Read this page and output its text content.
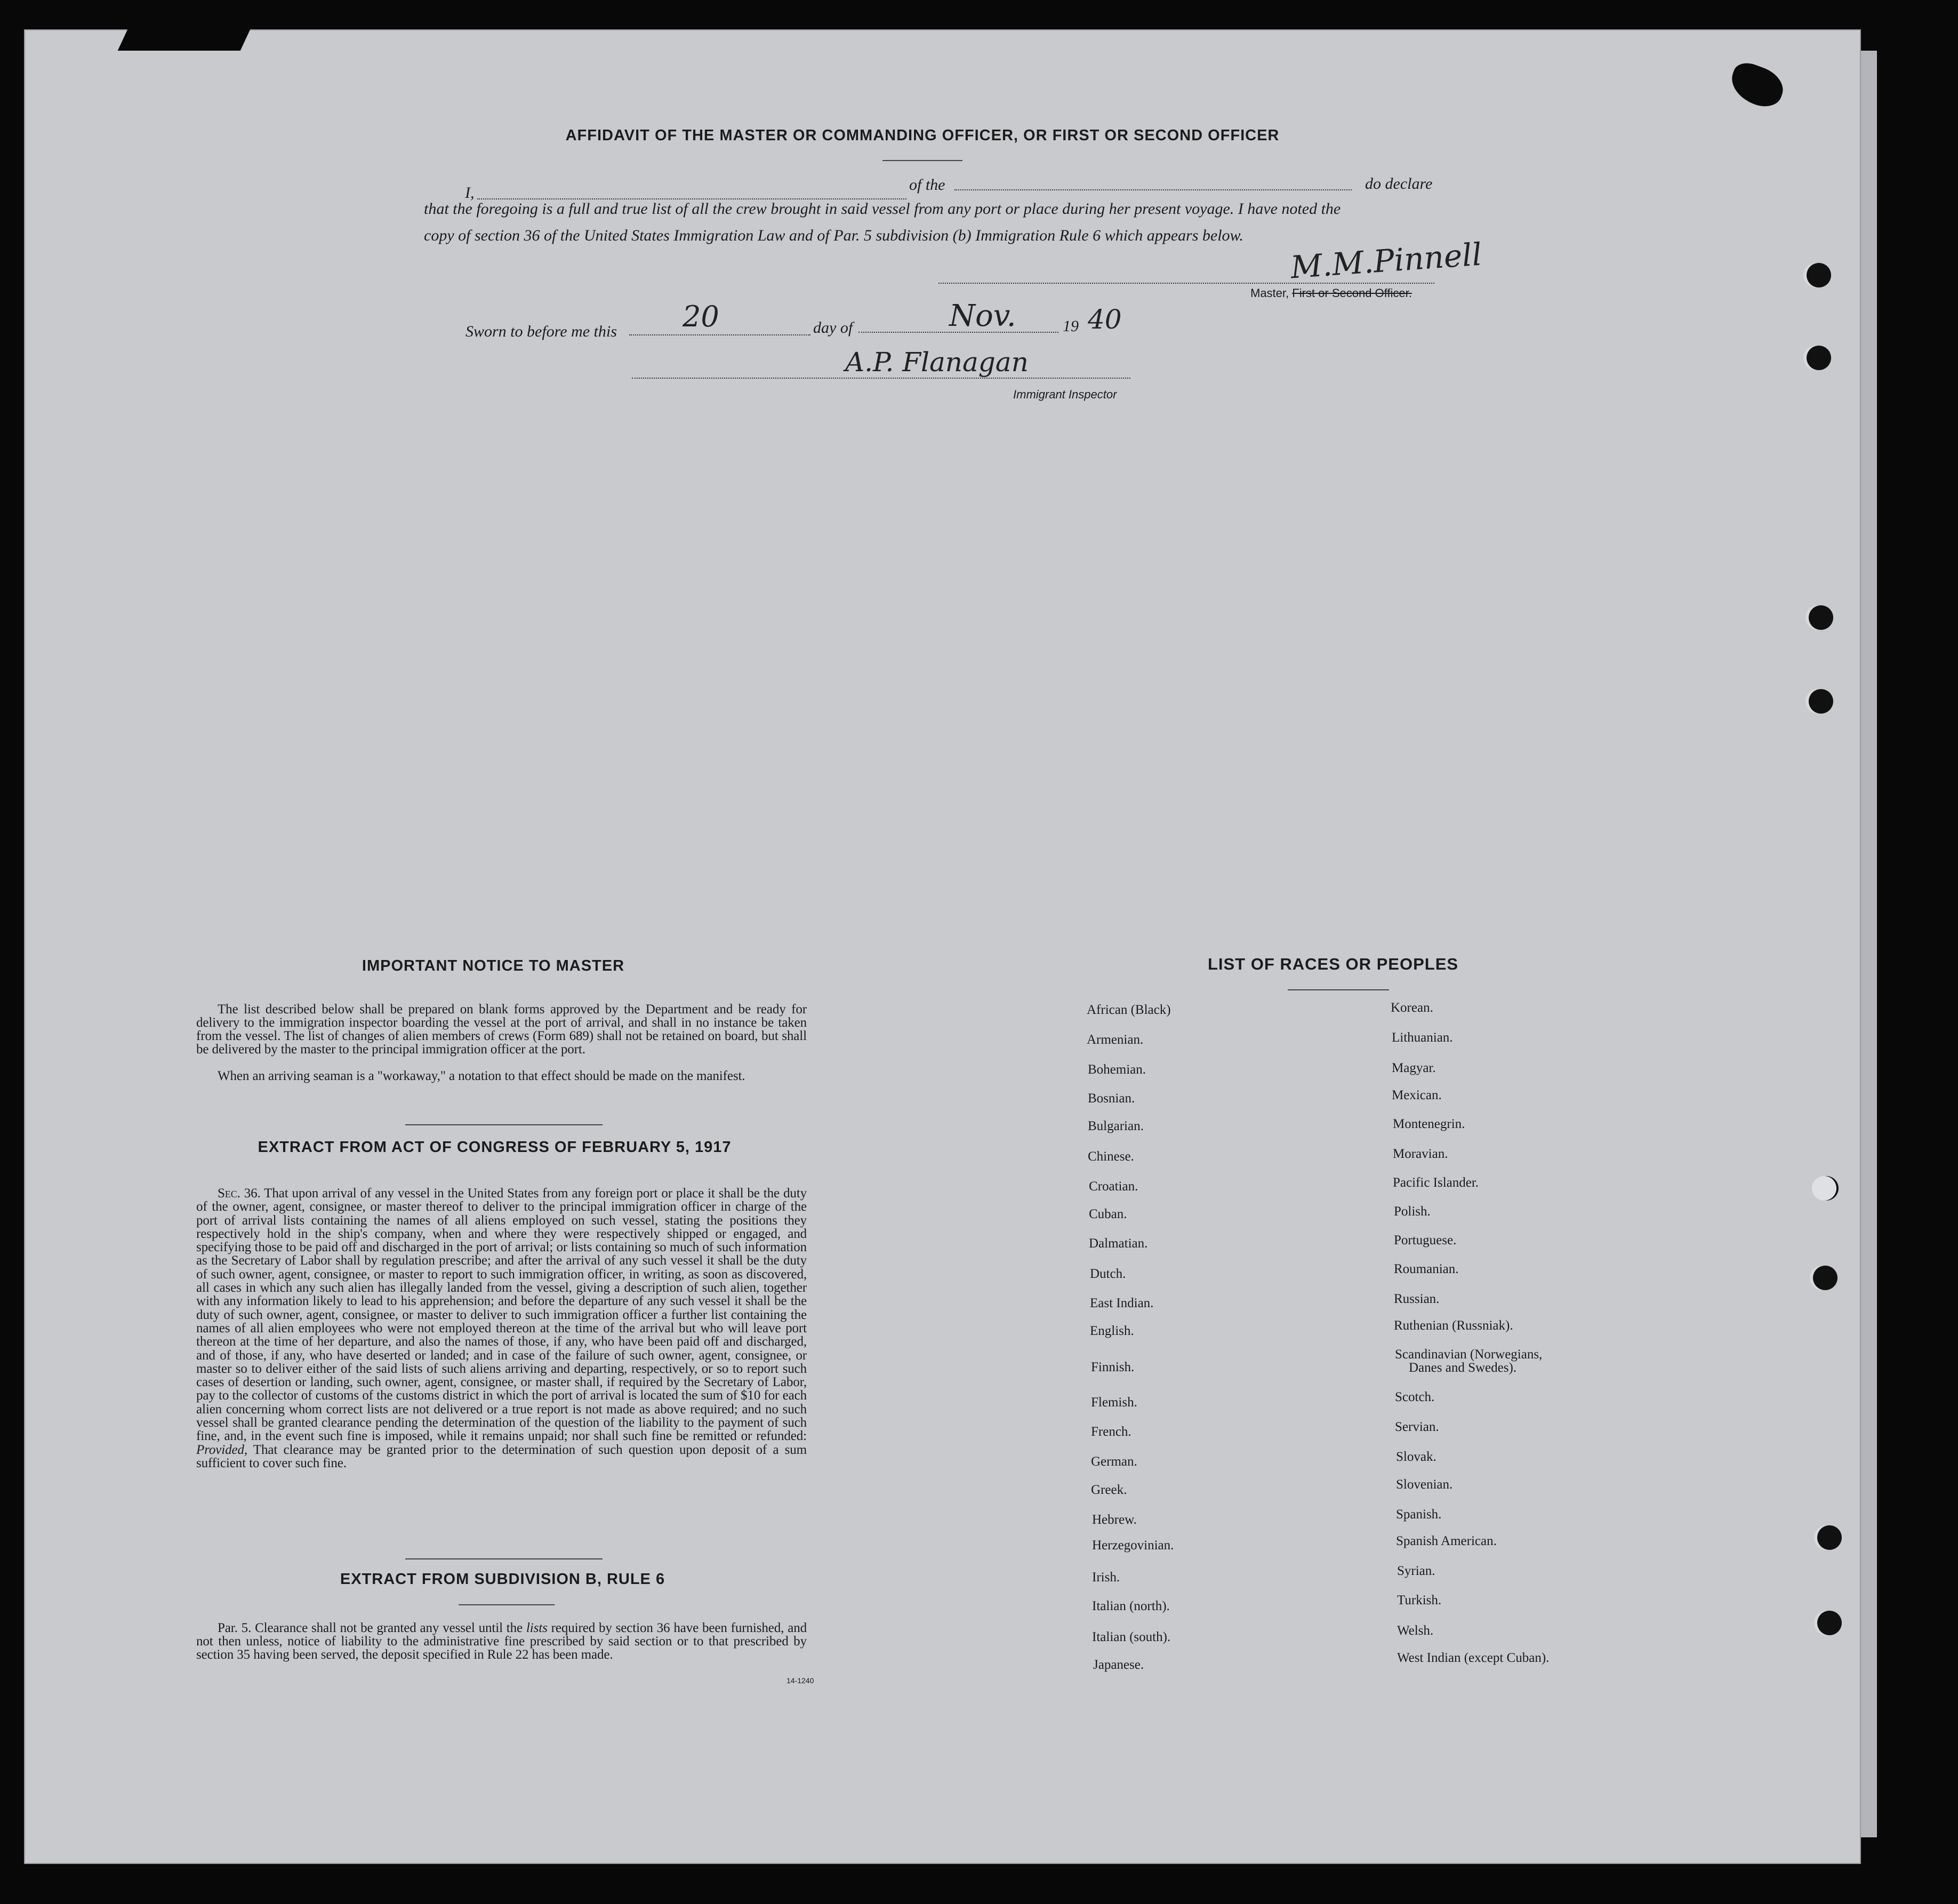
AFFIDAVIT OF THE MASTER OR COMMANDING OFFICER, OR FIRST OR SECOND OFFICER
I,	of the	do declare
that the foregoing is a full and true list of all the crew brought in said vessel from any port or place during her present voyage. I have noted the
copy of section 36 of the United States Immigration Law and of Par. 5 subdivision (b) Immigration Rule 6 which appears below.
M.M.Pinnell
Master, First or Second Officer.
Sworn to before me this 20	day of	Nov.	19 40
A.P. Flanagan
Immigrant Inspector
IMPORTANT NOTICE TO MASTER
The list described below shall be prepared on blank forms approved by the Department and be ready for delivery to the immigration inspector boarding the vessel at the port of arrival, and shall in no instance be taken from the vessel. The list of changes of alien members of crews (Form 689) shall not be retained on board, but shall be delivered by the master to the principal immigration officer at the port.
When an arriving seaman is a "workaway," a notation to that effect should be made on the manifest.
EXTRACT FROM ACT OF CONGRESS OF FEBRUARY 5, 1917
Sec. 36. That upon arrival of any vessel in the United States from any foreign port or place it shall be the duty of the owner, agent, consignee, or master thereof to deliver to the principal immigration officer in charge of the port of arrival lists containing the names of all aliens employed on such vessel, stating the positions they respectively hold in the ship's company, when and where they were respectively shipped or engaged, and specifying those to be paid off and discharged in the port of arrival; or lists containing so much of such information as the Secretary of Labor shall by regulation prescribe; and after the arrival of any such vessel it shall be the duty of such owner, agent, consignee, or master to report to such immigration officer, in writing, as soon as discovered, all cases in which any such alien has illegally landed from the vessel, giving a description of such alien, together with any information likely to lead to his apprehension; and before the departure of any such vessel it shall be the duty of such owner, agent, consignee, or master to deliver to such immigration officer a further list containing the names of all alien employees who were not employed thereon at the time of the arrival but who will leave port thereon at the time of her departure, and also the names of those, if any, who have been paid off and discharged, and of those, if any, who have deserted or landed; and in case of the failure of such owner, agent, consignee, or master so to deliver either of the said lists of such aliens arriving and departing, respectively, or so to report such cases of desertion or landing, such owner, agent, consignee, or master shall, if required by the Secretary of Labor, pay to the collector of customs of the customs district in which the port of arrival is located the sum of $10 for each alien concerning whom correct lists are not delivered or a true report is not made as above required; and no such vessel shall be granted clearance pending the determination of the question of the liability to the payment of such fine, and, in the event such fine is imposed, while it remains unpaid; nor shall such fine be remitted or refunded: Provided, That clearance may be granted prior to the determination of such question upon deposit of a sum sufficient to cover such fine.
EXTRACT FROM SUBDIVISION B, RULE 6
Par. 5. Clearance shall not be granted any vessel until the lists required by section 36 have been furnished, and not then unless, notice of liability to the administrative fine prescribed by said section or to that prescribed by section 35 having been served, the deposit specified in Rule 22 has been made.
14-1240
LIST OF RACES OR PEOPLES
African (Black)
Armenian.
Bohemian.
Bosnian.
Bulgarian.
Chinese.
Croatian.
Cuban.
Dalmatian.
Dutch.
East Indian.
English.
Finnish.
Flemish.
French.
German.
Greek.
Hebrew.
Herzegovinian.
Irish.
Italian (north).
Italian (south).
Japanese.
Korean.
Lithuanian.
Magyar.
Mexican.
Montenegrin.
Moravian.
Pacific Islander.
Polish.
Portuguese.
Roumanian.
Russian.
Ruthenian (Russniak).
Scandinavian (Norwegians,
Danes and Swedes).
Scotch.
Servian.
Slovak.
Slovenian.
Spanish.
Spanish American.
Syrian.
Turkish.
Welsh.
West Indian (except Cuban).
